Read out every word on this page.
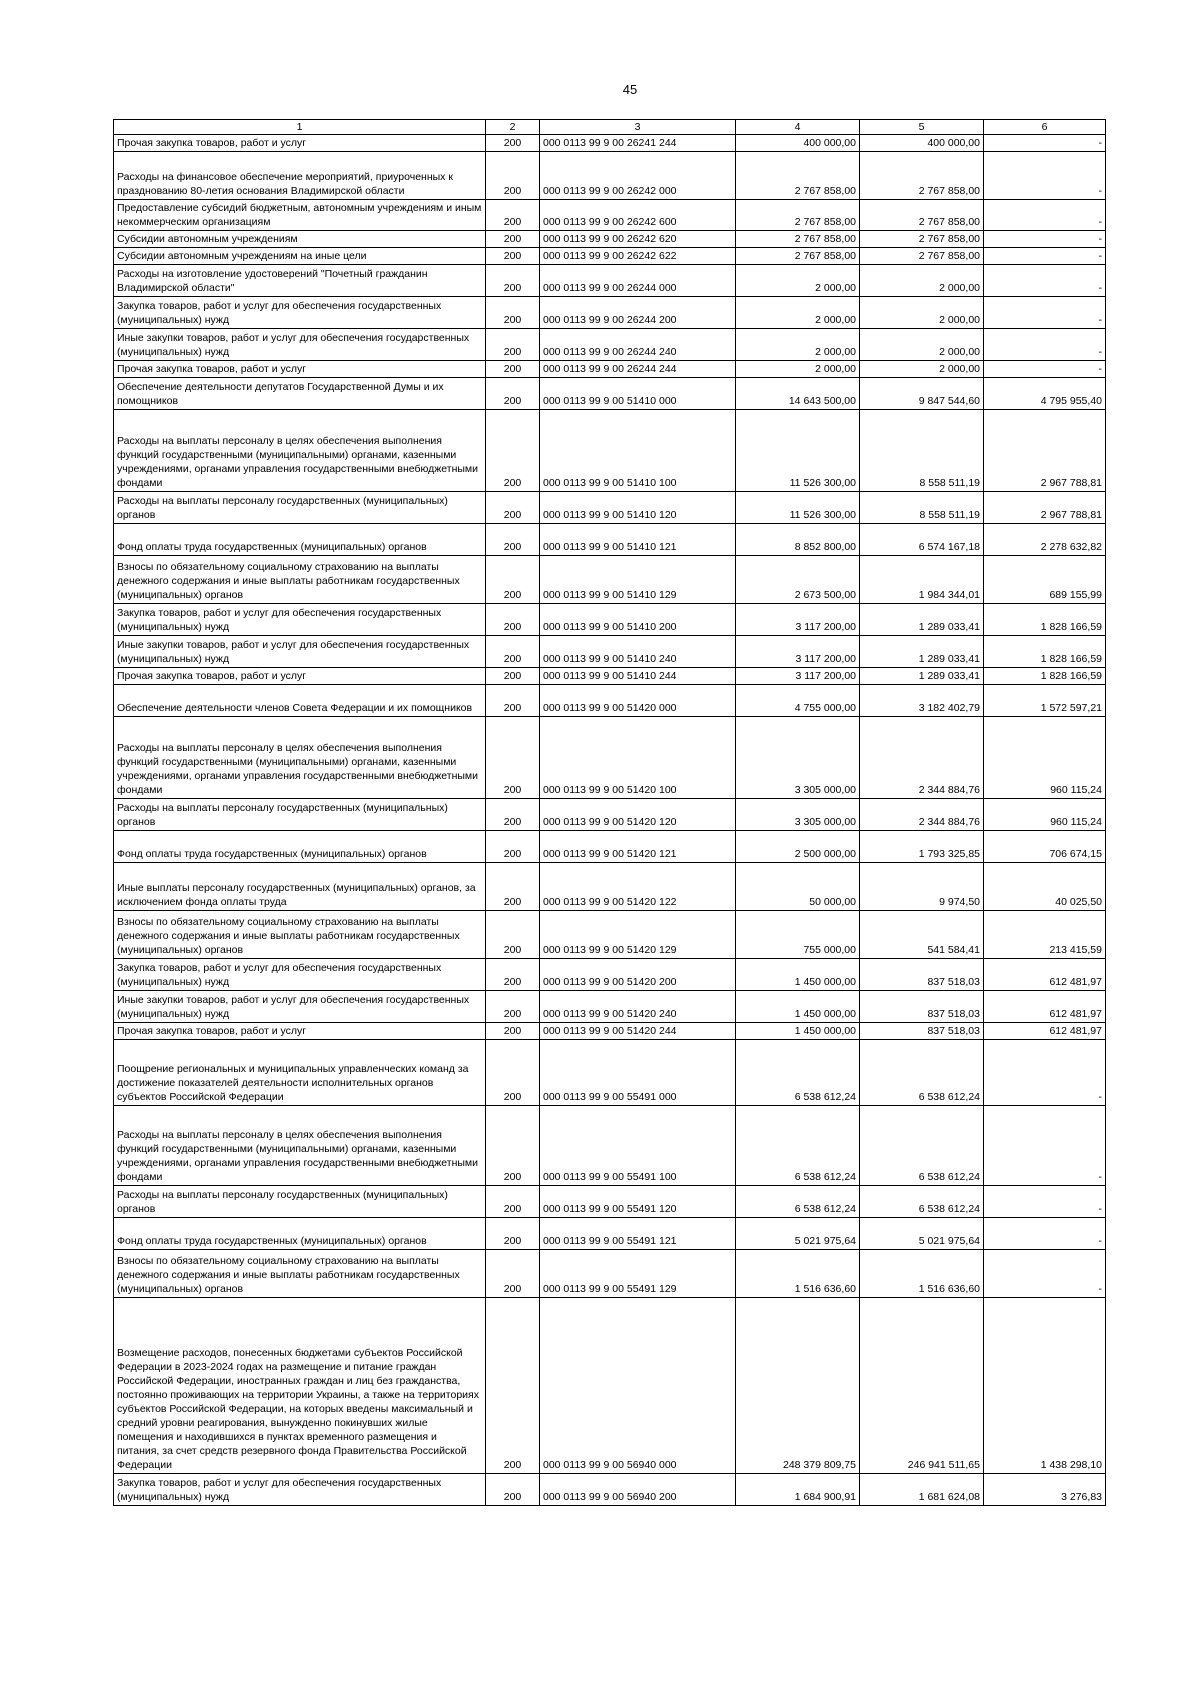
45
1	2	3	4	5	6
Прочая закупка товаров, работ и услуг	200	000 0113 99 9 00 26241 244	400 000,00	400 000,00	-
Расходы на финансовое обеспечение мероприятий, приуроченных к празднованию 80-летия основания Владимирской области	200	000 0113 99 9 00 26242 000	2 767 858,00	2 767 858,00	-
Предоставление субсидий бюджетным, автономным учреждениям и иным некоммерческим организациям	200	000 0113 99 9 00 26242 600	2 767 858,00	2 767 858,00	-
Субсидии автономным учреждениям	200	000 0113 99 9 00 26242 620	2 767 858,00	2 767 858,00	-
Субсидии автономным учреждениям на иные цели	200	000 0113 99 9 00 26242 622	2 767 858,00	2 767 858,00	-
Расходы на изготовление удостоверений "Почетный гражданин Владимирской области"	200	000 0113 99 9 00 26244 000	2 000,00	2 000,00	-
Закупка товаров, работ и услуг для обеспечения государственных (муниципальных) нужд	200	000 0113 99 9 00 26244 200	2 000,00	2 000,00	-
Иные закупки товаров, работ и услуг для обеспечения государственных (муниципальных) нужд	200	000 0113 99 9 00 26244 240	2 000,00	2 000,00	-
Прочая закупка товаров, работ и услуг	200	000 0113 99 9 00 26244 244	2 000,00	2 000,00	-
Обеспечение деятельности депутатов Государственной Думы и их помощников	200	000 0113 99 9 00 51410 000	14 643 500,00	9 847 544,60	4 795 955,40
Расходы на выплаты персоналу в целях обеспечения выполнения функций государственными (муниципальными) органами, казенными учреждениями, органами управления государственными внебюджетными фондами	200	000 0113 99 9 00 51410 100	11 526 300,00	8 558 511,19	2 967 788,81
Расходы на выплаты персоналу государственных (муниципальных) органов	200	000 0113 99 9 00 51410 120	11 526 300,00	8 558 511,19	2 967 788,81
Фонд оплаты труда государственных (муниципальных) органов	200	000 0113 99 9 00 51410 121	8 852 800,00	6 574 167,18	2 278 632,82
Взносы по обязательному социальному страхованию на выплаты денежного содержания и иные выплаты работникам государственных (муниципальных) органов	200	000 0113 99 9 00 51410 129	2 673 500,00	1 984 344,01	689 155,99
Закупка товаров, работ и услуг для обеспечения государственных (муниципальных) нужд	200	000 0113 99 9 00 51410 200	3 117 200,00	1 289 033,41	1 828 166,59
Иные закупки товаров, работ и услуг для обеспечения государственных (муниципальных) нужд	200	000 0113 99 9 00 51410 240	3 117 200,00	1 289 033,41	1 828 166,59
Прочая закупка товаров, работ и услуг	200	000 0113 99 9 00 51410 244	3 117 200,00	1 289 033,41	1 828 166,59
Обеспечение деятельности членов Совета Федерации и их помощников	200	000 0113 99 9 00 51420 000	4 755 000,00	3 182 402,79	1 572 597,21
Расходы на выплаты персоналу в целях обеспечения выполнения функций государственными (муниципальными) органами, казенными учреждениями, органами управления государственными внебюджетными фондами	200	000 0113 99 9 00 51420 100	3 305 000,00	2 344 884,76	960 115,24
Расходы на выплаты персоналу государственных (муниципальных) органов	200	000 0113 99 9 00 51420 120	3 305 000,00	2 344 884,76	960 115,24
Фонд оплаты труда государственных (муниципальных) органов	200	000 0113 99 9 00 51420 121	2 500 000,00	1 793 325,85	706 674,15
Иные выплаты персоналу государственных (муниципальных) органов, за исключением фонда оплаты труда	200	000 0113 99 9 00 51420 122	50 000,00	9 974,50	40 025,50
Взносы по обязательному социальному страхованию на выплаты денежного содержания и иные выплаты работникам государственных (муниципальных) органов	200	000 0113 99 9 00 51420 129	755 000,00	541 584,41	213 415,59
Закупка товаров, работ и услуг для обеспечения государственных (муниципальных) нужд	200	000 0113 99 9 00 51420 200	1 450 000,00	837 518,03	612 481,97
Иные закупки товаров, работ и услуг для обеспечения государственных (муниципальных) нужд	200	000 0113 99 9 00 51420 240	1 450 000,00	837 518,03	612 481,97
Прочая закупка товаров, работ и услуг	200	000 0113 99 9 00 51420 244	1 450 000,00	837 518,03	612 481,97
Поощрение региональных и муниципальных управленческих команд за достижение показателей деятельности исполнительных органов субъектов Российской Федерации	200	000 0113 99 9 00 55491 000	6 538 612,24	6 538 612,24	-
Расходы на выплаты персоналу в целях обеспечения выполнения функций государственными (муниципальными) органами, казенными учреждениями, органами управления государственными внебюджетными фондами	200	000 0113 99 9 00 55491 100	6 538 612,24	6 538 612,24	-
Расходы на выплаты персоналу государственных (муниципальных) органов	200	000 0113 99 9 00 55491 120	6 538 612,24	6 538 612,24	-
Фонд оплаты труда государственных (муниципальных) органов	200	000 0113 99 9 00 55491 121	5 021 975,64	5 021 975,64	-
Взносы по обязательному социальному страхованию на выплаты денежного содержания и иные выплаты работникам государственных (муниципальных) органов	200	000 0113 99 9 00 55491 129	1 516 636,60	1 516 636,60	-
Возмещение расходов, понесенных бюджетами субъектов Российской Федерации в 2023-2024 годах на размещение и питание граждан Российской Федерации, иностранных граждан и лиц без гражданства, постоянно проживающих на территории Украины, а также на территориях субъектов Российской Федерации, на которых введены максимальный и средний уровни реагирования, вынужденно покинувших жилые помещения и находившихся в пунктах временного размещения и питания, за счет средств резервного фонда Правительства Российской Федерации	200	000 0113 99 9 00 56940 000	248 379 809,75	246 941 511,65	1 438 298,10
Закупка товаров, работ и услуг для обеспечения государственных (муниципальных) нужд	200	000 0113 99 9 00 56940 200	1 684 900,91	1 681 624,08	3 276,83
